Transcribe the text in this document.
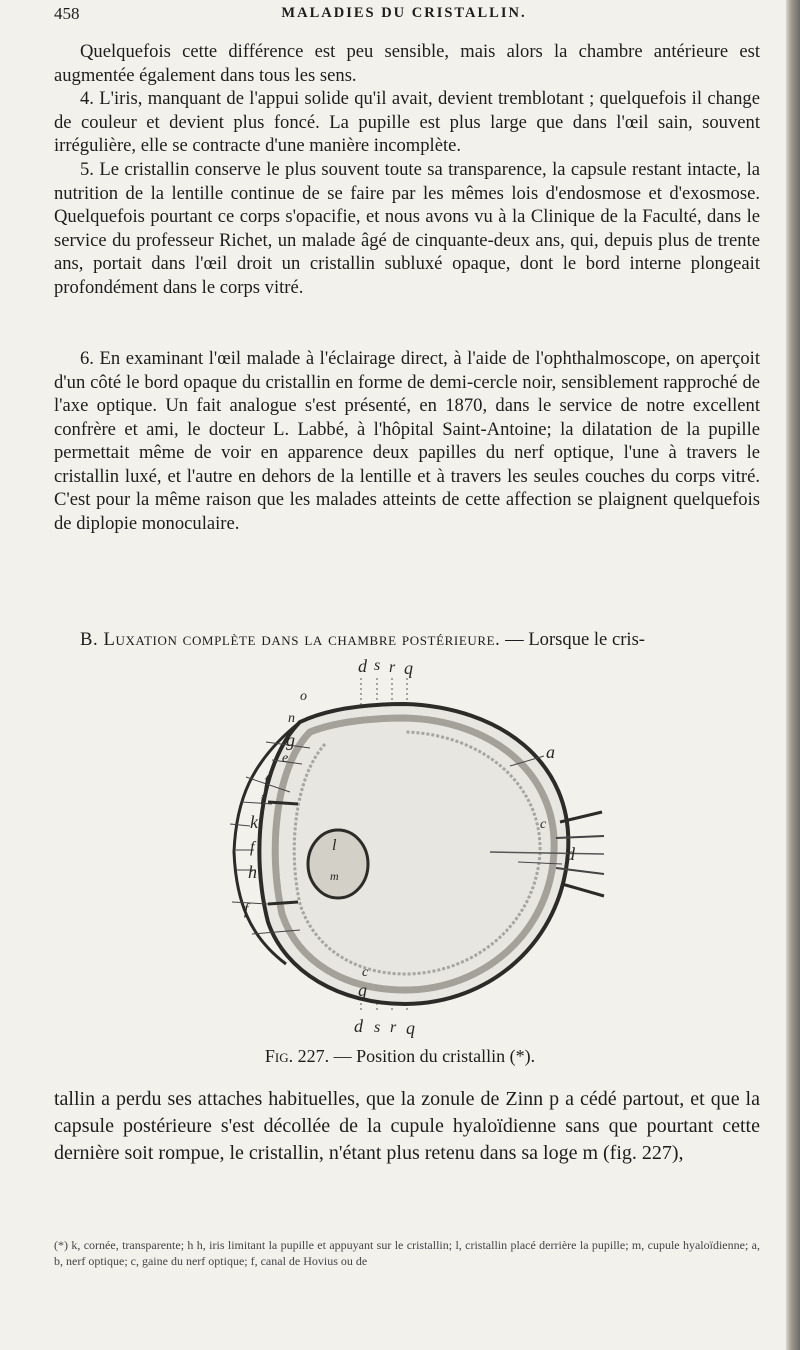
458	MALADIES DU CRISTALLIN.

Quelquefois cette différence est peu sensible, mais alors la chambre antérieure est augmentée également dans tous les sens.

4. L'iris, manquant de l'appui solide qu'il avait, devient tremblotant ; quelquefois il change de couleur et devient plus foncé. La pupille est plus large que dans l'œil sain, souvent irrégulière, elle se contracte d'une manière incomplète.

5. Le cristallin conserve le plus souvent toute sa transparence, la capsule restant intacte, la nutrition de la lentille continue de se faire par les mêmes lois d'endosmose et d'exosmose. Quelquefois pourtant ce corps s'opacifie, et nous avons vu à la Clinique de la Faculté, dans le service du professeur Richet, un malade âgé de cinquante-deux ans, qui, depuis plus de trente ans, portait dans l'œil droit un cristallin subluxé opaque, dont le bord interne plongeait profondément dans le corps vitré.

6. En examinant l'œil malade à l'éclairage direct, à l'aide de l'ophthalmoscope, on aperçoit d'un côté le bord opaque du cristallin en forme de demi-cercle noir, sensiblement rapproché de l'axe optique. Un fait analogue s'est présenté, en 1870, dans le service de notre excellent confrère et ami, le docteur L. Labbé, à l'hôpital Saint-Antoine; la dilatation de la pupille permettait même de voir en apparence deux papilles du nerf optique, l'une à travers le cristallin luxé, et l'autre en dehors de la lentille et à travers les seules couches du corps vitré. C'est pour la même raison que les malades atteints de cette affection se plaignent quelquefois de diplopie monoculaire.

B. Luxation complète dans la chambre postérieure. — Lorsque le cris-

d s r q
o
n
g
e
f
i
k
f
h
f
a
c
d
l
m
c
g
d s r q
Fig. 227. — Position du cristallin (*).

tallin a perdu ses attaches habituelles, que la zonule de Zinn p a cédé partout, et que la capsule postérieure s'est décollée de la cupule hyaloïdienne sans que pourtant cette dernière soit rompue, le cristallin, n'étant plus retenu dans sa loge m (fig. 227),

(*) k, cornée, transparente; h h, iris limitant la pupille et appuyant sur le cristallin; l, cristallin placé derrière la pupille; m, cupule hyaloïdienne; a, b, nerf optique; c, gaine du nerf optique; f, canal de Hovius ou de
